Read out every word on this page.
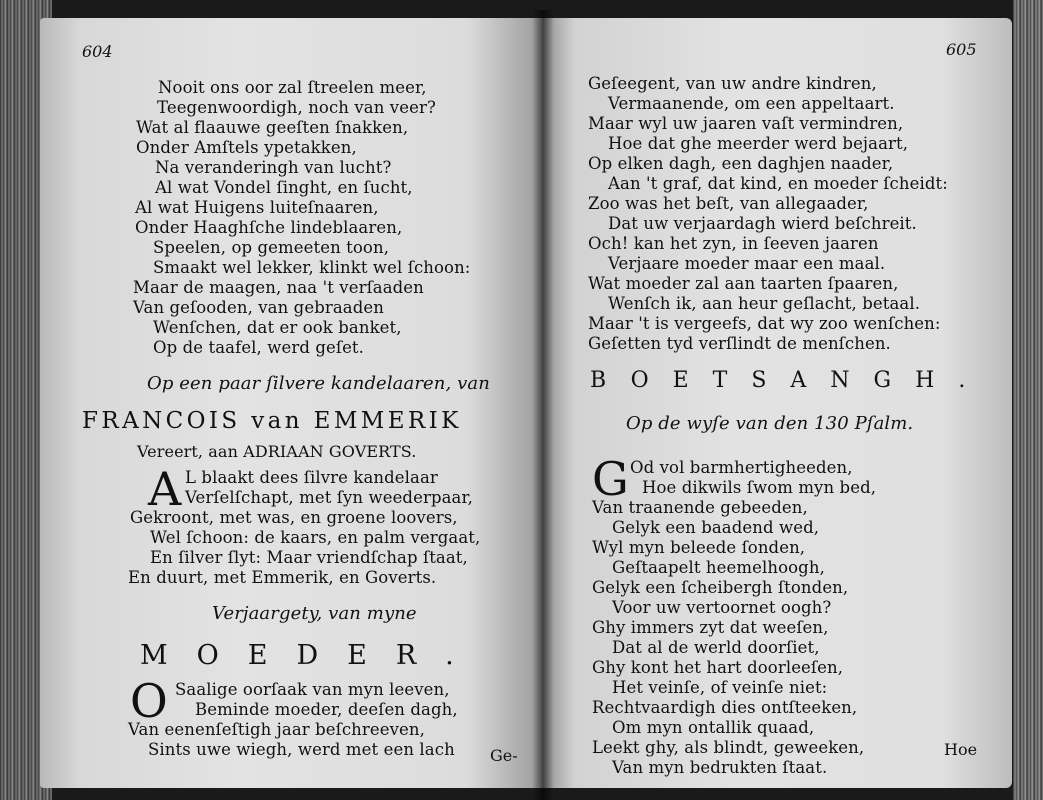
604
Nooit ons oor zal ſtreelen meer,
Teegenwoordigh, noch van veer?
Wat al flaauwe geeſten ſnakken,
Onder Amſtels ypetakken,
Na veranderingh van lucht?
Al wat Vondel ſinght, en ſucht,
Al wat Huigens luiteſnaaren,
Onder Haaghſche lindeblaaren,
Speelen, op gemeeten toon,
Smaakt wel lekker, klinkt wel ſchoon:
Maar de maagen, naa 't verſaaden
Van geſooden, van gebraaden
Wenſchen, dat er ook banket,
Op de taafel, werd geſet.
Op een paar ſilvere kandelaaren, van
FRANCOIS van EMMERIK
Vereert, aan ADRIAAN GOVERTS.
A L blaakt dees ſilvre kandelaar
Verſelſchapt, met ſyn weederpaar,
Gekroont, met was, en groene loovers,
Wel ſchoon: de kaars, en palm vergaat,
En ſilver ſlyt: Maar vriendſchap ſtaat,
En duurt, met Emmerik, en Goverts.
Verjaargety, van myne
MOEDER.
O Saalige oorſaak van myn leeven,
Beminde moeder, deeſen dagh,
Van eenenſeſtigh jaar beſchreeven,
Sints uwe wiegh, werd met een lach Ge-
605
Geſeegent, van uw andre kindren,
Vermaanende, om een appeltaart.
Maar wyl uw jaaren vaſt vermindren,
Hoe dat ghe meerder werd bejaart,
Op elken dagh, een daghjen naader,
Aan 't graf, dat kind, en moeder ſcheidt:
Zoo was het beſt, van allegaader,
Dat uw verjaardagh wierd beſchreit.
Och! kan het zyn, in ſeeven jaaren
Verjaare moeder maar een maal.
Wat moeder zal aan taarten ſpaaren,
Wenſch ik, aan heur geſlacht, betaal.
Maar 't is vergeefs, dat wy zoo wenſchen:
Geſetten tyd verſlindt de menſchen.
BOETSANGH.
Op de wyſe van den 130 Pſalm.
G Od vol barmhertigheeden,
Hoe dikwils ſwom myn bed,
Van traanende gebeeden,
Gelyk een baadend wed,
Wyl myn beleede ſonden,
Geſtaapelt heemelhoogh,
Gelyk een ſcheibergh ſtonden,
Voor uw vertoornet oogh?
Ghy immers zyt dat weeſen,
Dat al de werld doorſiet,
Ghy kont het hart doorleeſen,
Het veinſe, of veinſe niet:
Rechtvaardigh dies ontſteeken,
Om myn ontallik quaad,
Leekt ghy, als blindt, geweeken,
Van myn bedrukten ſtaat.
Hoe
